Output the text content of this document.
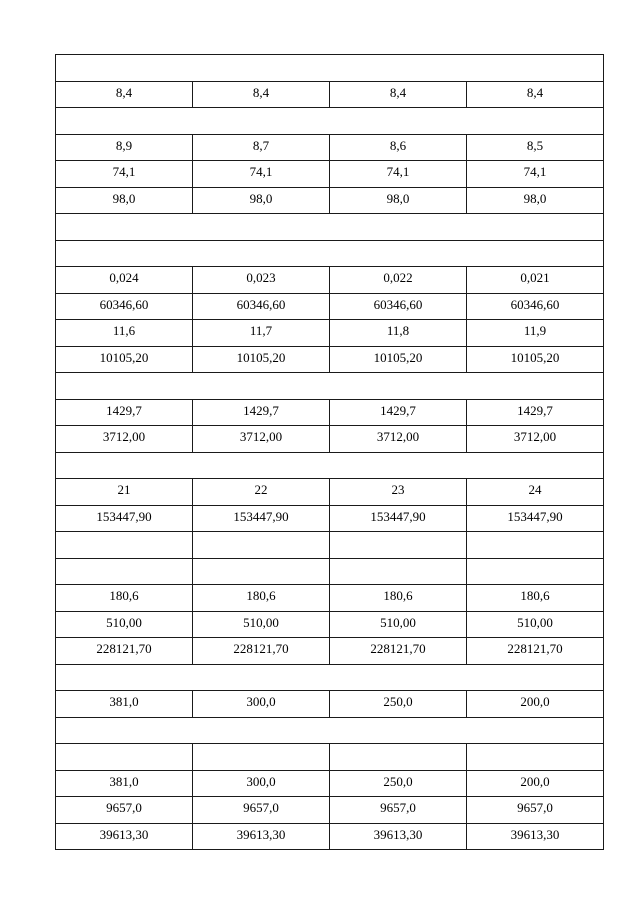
8,4	8,4	8,4	8,4
8,9	8,7	8,6	8,5
74,1	74,1	74,1	74,1
98,0	98,0	98,0	98,0
0,024	0,023	0,022	0,021
60346,60	60346,60	60346,60	60346,60
11,6	11,7	11,8	11,9
10105,20	10105,20	10105,20	10105,20
1429,7	1429,7	1429,7	1429,7
3712,00	3712,00	3712,00	3712,00
21	22	23	24
153447,90	153447,90	153447,90	153447,90
180,6	180,6	180,6	180,6
510,00	510,00	510,00	510,00
228121,70	228121,70	228121,70	228121,70
381,0	300,0	250,0	200,0
381,0	300,0	250,0	200,0
9657,0	9657,0	9657,0	9657,0
39613,30	39613,30	39613,30	39613,30
